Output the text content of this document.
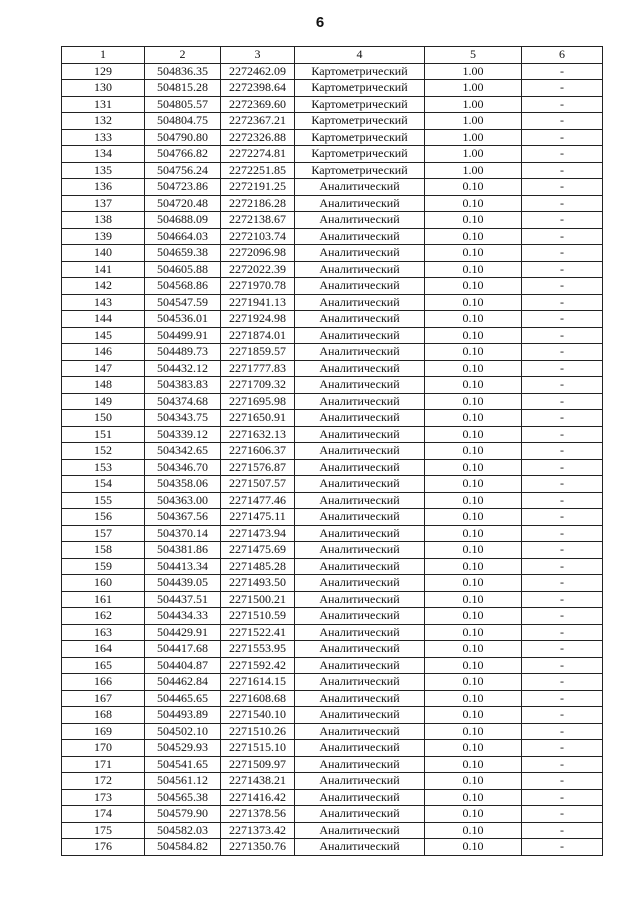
6
1	2	3	4	5	6
129	504836.35	2272462.09	Картометрический	1.00	-
130	504815.28	2272398.64	Картометрический	1.00	-
131	504805.57	2272369.60	Картометрический	1.00	-
132	504804.75	2272367.21	Картометрический	1.00	-
133	504790.80	2272326.88	Картометрический	1.00	-
134	504766.82	2272274.81	Картометрический	1.00	-
135	504756.24	2272251.85	Картометрический	1.00	-
136	504723.86	2272191.25	Аналитический	0.10	-
137	504720.48	2272186.28	Аналитический	0.10	-
138	504688.09	2272138.67	Аналитический	0.10	-
139	504664.03	2272103.74	Аналитический	0.10	-
140	504659.38	2272096.98	Аналитический	0.10	-
141	504605.88	2272022.39	Аналитический	0.10	-
142	504568.86	2271970.78	Аналитический	0.10	-
143	504547.59	2271941.13	Аналитический	0.10	-
144	504536.01	2271924.98	Аналитический	0.10	-
145	504499.91	2271874.01	Аналитический	0.10	-
146	504489.73	2271859.57	Аналитический	0.10	-
147	504432.12	2271777.83	Аналитический	0.10	-
148	504383.83	2271709.32	Аналитический	0.10	-
149	504374.68	2271695.98	Аналитический	0.10	-
150	504343.75	2271650.91	Аналитический	0.10	-
151	504339.12	2271632.13	Аналитический	0.10	-
152	504342.65	2271606.37	Аналитический	0.10	-
153	504346.70	2271576.87	Аналитический	0.10	-
154	504358.06	2271507.57	Аналитический	0.10	-
155	504363.00	2271477.46	Аналитический	0.10	-
156	504367.56	2271475.11	Аналитический	0.10	-
157	504370.14	2271473.94	Аналитический	0.10	-
158	504381.86	2271475.69	Аналитический	0.10	-
159	504413.34	2271485.28	Аналитический	0.10	-
160	504439.05	2271493.50	Аналитический	0.10	-
161	504437.51	2271500.21	Аналитический	0.10	-
162	504434.33	2271510.59	Аналитический	0.10	-
163	504429.91	2271522.41	Аналитический	0.10	-
164	504417.68	2271553.95	Аналитический	0.10	-
165	504404.87	2271592.42	Аналитический	0.10	-
166	504462.84	2271614.15	Аналитический	0.10	-
167	504465.65	2271608.68	Аналитический	0.10	-
168	504493.89	2271540.10	Аналитический	0.10	-
169	504502.10	2271510.26	Аналитический	0.10	-
170	504529.93	2271515.10	Аналитический	0.10	-
171	504541.65	2271509.97	Аналитический	0.10	-
172	504561.12	2271438.21	Аналитический	0.10	-
173	504565.38	2271416.42	Аналитический	0.10	-
174	504579.90	2271378.56	Аналитический	0.10	-
175	504582.03	2271373.42	Аналитический	0.10	-
176	504584.82	2271350.76	Аналитический	0.10	-
